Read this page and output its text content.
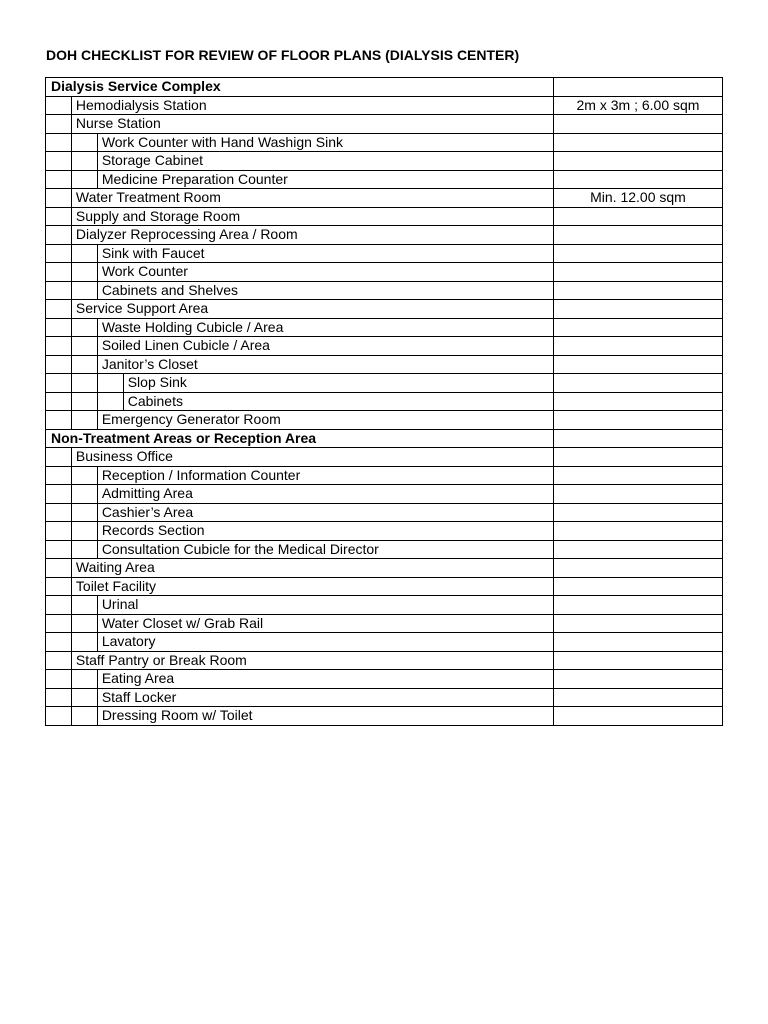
DOH CHECKLIST FOR REVIEW OF FLOOR PLANS (DIALYSIS CENTER)
Dialysis Service Complex				
	Hemodialysis Station			2m x 3m ; 6.00 sqm
	Nurse Station			
		Work Counter with Hand Washign Sink		
		Storage Cabinet		
		Medicine Preparation Counter		
	Water Treatment Room			Min. 12.00 sqm
	Supply and Storage Room			
	Dialyzer Reprocessing Area / Room			
		Sink with Faucet		
		Work Counter		
		Cabinets and Shelves		
	Service Support Area			
		Waste Holding Cubicle / Area		
		Soiled Linen Cubicle / Area		
		Janitor’s Closet		
			Slop Sink	
			Cabinets	
		Emergency Generator Room		
Non-Treatment Areas or Reception Area				
	Business Office			
		Reception / Information Counter		
		Admitting Area		
		Cashier’s Area		
		Records Section		
		Consultation Cubicle for the Medical Director		
	Waiting Area			
	Toilet Facility			
		Urinal		
		Water Closet w/ Grab Rail		
		Lavatory		
	Staff Pantry or Break Room			
		Eating Area		
		Staff Locker		
		Dressing Room w/ Toilet		
